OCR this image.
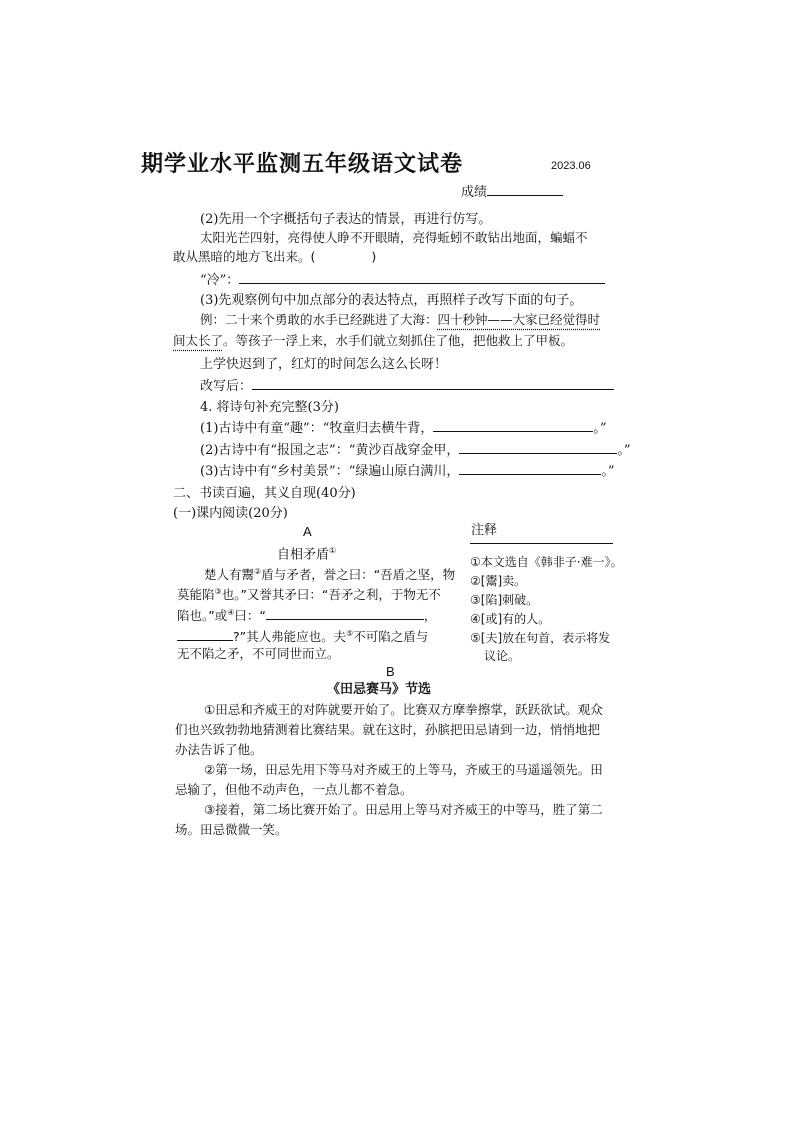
期学业水平监测五年级语文试卷	2023.06
成绩
(2)先用一个字概括句子表达的情景，再进行仿写。
太阳光芒四射，亮得使人睁不开眼睛，亮得蚯蚓不敢钻出地面，蝙蝠不
敢从黑暗的地方飞出来。(	)
“冷”：
(3)先观察例句中加点部分的表达特点，再照样子改写下面的句子。
例：二十来个勇敢的水手已经跳进了大海：四十秒钟——大家已经觉得时
间太长了。等孩子一浮上来，水手们就立刻抓住了他，把他救上了甲板。
上学快迟到了，红灯的时间怎么这么长呀！
改写后：
4. 将诗句补充完整(3分)
(1)古诗中有童“趣”：“牧童归去横牛背，	。”
(2)古诗中有“报国之志”：“黄沙百战穿金甲，	。”
(3)古诗中有“乡村美景”：“绿遍山原白满川，	。”
二、书读百遍，其义自现(40分)
(一)课内阅读(20分)
A
自相矛盾①
楚人有鬻②盾与矛者，誉之曰：“吾盾之坚，物
莫能陷③也。”又誉其矛曰：“吾矛之利，于物无不
陷也。”或④曰：“	，
?”其人弗能应也。夫⑤不可陷之盾与
无不陷之矛，不可同世而立。
注释
①本文选自《韩非子·难一》。
②[鬻]卖。
③[陷]刺破。
④[或]有的人。
⑤[夫]放在句首，表示将发
议论。
B
《田忌赛马》节选
①田忌和齐威王的对阵就要开始了。比赛双方摩拳擦掌，跃跃欲试。观众
们也兴致勃勃地猜测着比赛结果。就在这时，孙膑把田忌请到一边，悄悄地把
办法告诉了他。
②第一场，田忌先用下等马对齐威王的上等马，齐威王的马遥遥领先。田
忌输了，但他不动声色，一点儿都不着急。
③接着，第二场比赛开始了。田忌用上等马对齐威王的中等马，胜了第二
场。田忌微微一笑。
